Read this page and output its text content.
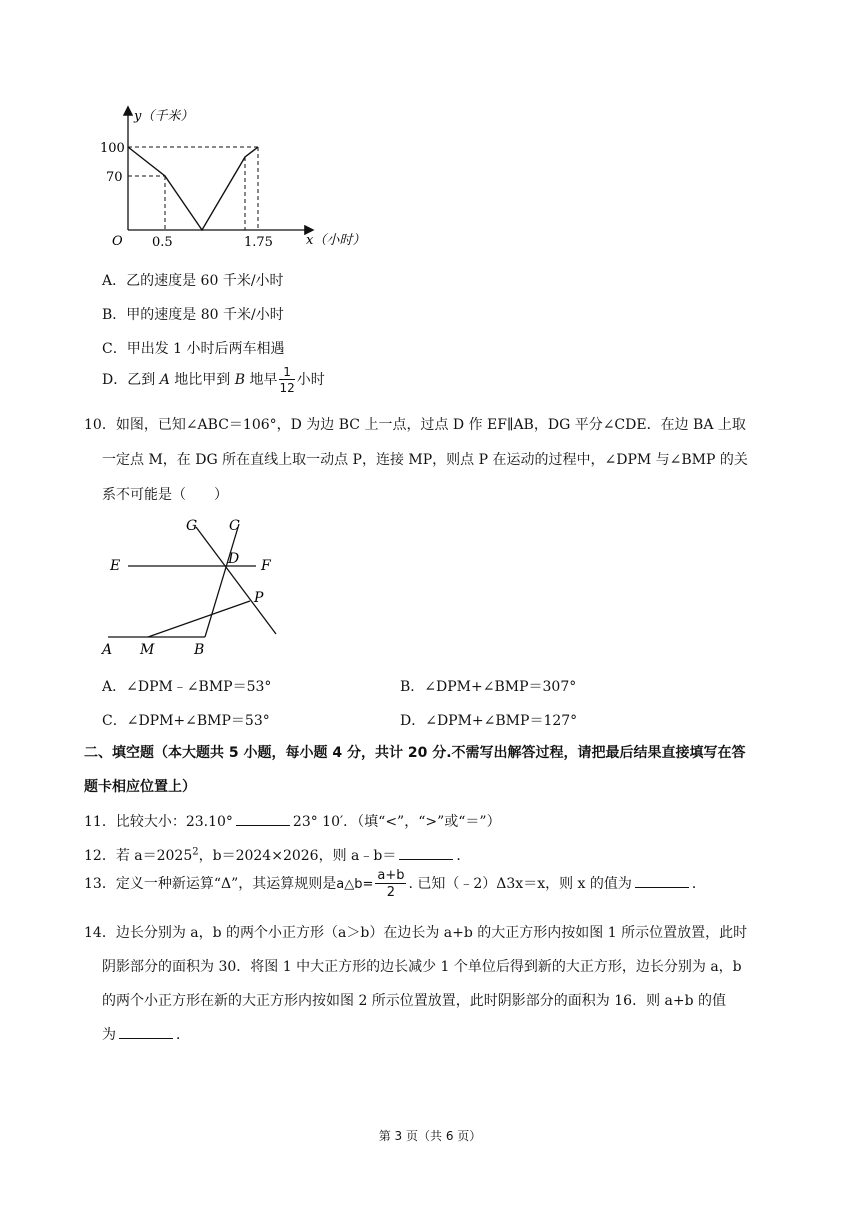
y（千米）
x（小时）
O
100
70
0.5	1.75
A．乙的速度是 60 千米/小时
B．甲的速度是 80 千米/小时
C．甲出发 1 小时后两车相遇
D．乙到 A 地比甲到 B 地早 $\frac{1}{12}$ 小时
10．如图，已知∠ABC＝106°，D 为边 BC 上一点，过点 D 作 EF∥AB，DG 平分∠CDE．在边 BA 上取
一定点 M，在 DG 所在直线上取一动点 P，连接 MP，则点 P 在运动的过程中，∠DPM 与∠BMP 的关
系不可能是（　　）
G C
D
E	F
P
A M	B
A．∠DPM﹣∠BMP＝53°	B．∠DPM+∠BMP＝307°
C．∠DPM+∠BMP＝53°	D．∠DPM+∠BMP＝127°
二、填空题（本大题共 5 小题，每小题 4 分，共计 20 分.不需写出解答过程，请把最后结果直接填写在答
题卡相应位置上）
11．比较大小：23.10°	23° 10′．（填“<”，“>”或“＝”）
12．若 $a=2025^2$，b＝2024×2026，则 a﹣b＝	．
13．定义一种新运算“Δ”，其运算规则是a△b= $\frac{a+b}{2}$ . 已知（﹣2）Δ3x＝x，则 x 的值为	．
14．边长分别为 a，b 的两个小正方形（a＞b）在边长为 a+b 的大正方形内按如图 1 所示位置放置，此时
阴影部分的面积为 30．将图 1 中大正方形的边长减少 1 个单位后得到新的大正方形，边长分别为 a，b
的两个小正方形在新的大正方形内按如图 2 所示位置放置，此时阴影部分的面积为 16．则 a+b 的值
为	．
第 3 页（共 6 页）
